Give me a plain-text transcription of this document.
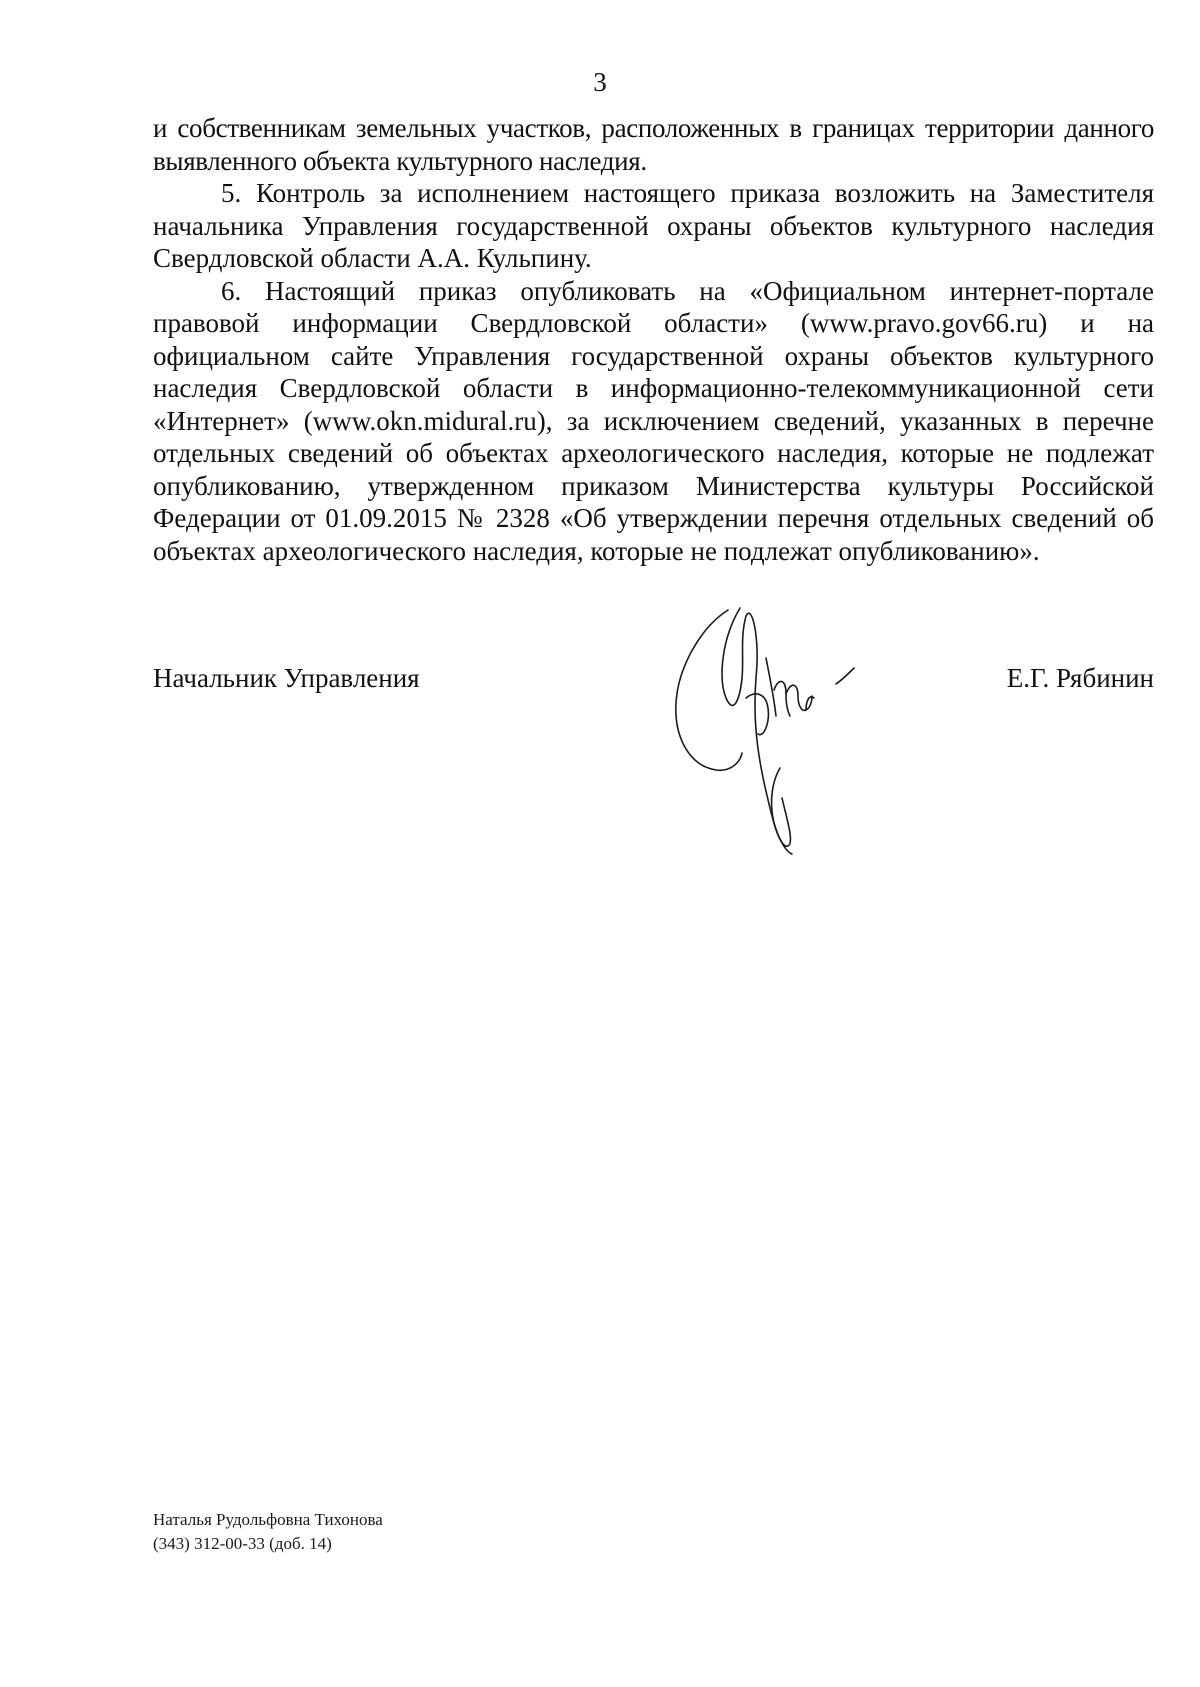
3

и собственникам земельных участков, расположенных в границах территории данного выявленного объекта культурного наследия.

5. Контроль за исполнением настоящего приказа возложить на Заместителя начальника Управления государственной охраны объектов культурного наследия Свердловской области А.А. Кульпину.

6. Настоящий приказ опубликовать на «Официальном интернет-портале правовой информации Свердловской области» (www.pravo.gov66.ru) и на официальном сайте Управления государственной охраны объектов культурного наследия Свердловской области в информационно-телекоммуникационной сети «Интернет» (www.okn.midural.ru), за исключением сведений, указанных в перечне отдельных сведений об объектах археологического наследия, которые не подлежат опубликованию, утвержденном приказом Министерства культуры Российской Федерации от 01.09.2015 № 2328 «Об утверждении перечня отдельных сведений об объектах археологического наследия, которые не подлежат опубликованию».

Начальник Управления	Е.Г. Рябинин
Наталья Рудольфовна Тихонова
(343) 312-00-33 (доб. 14)
